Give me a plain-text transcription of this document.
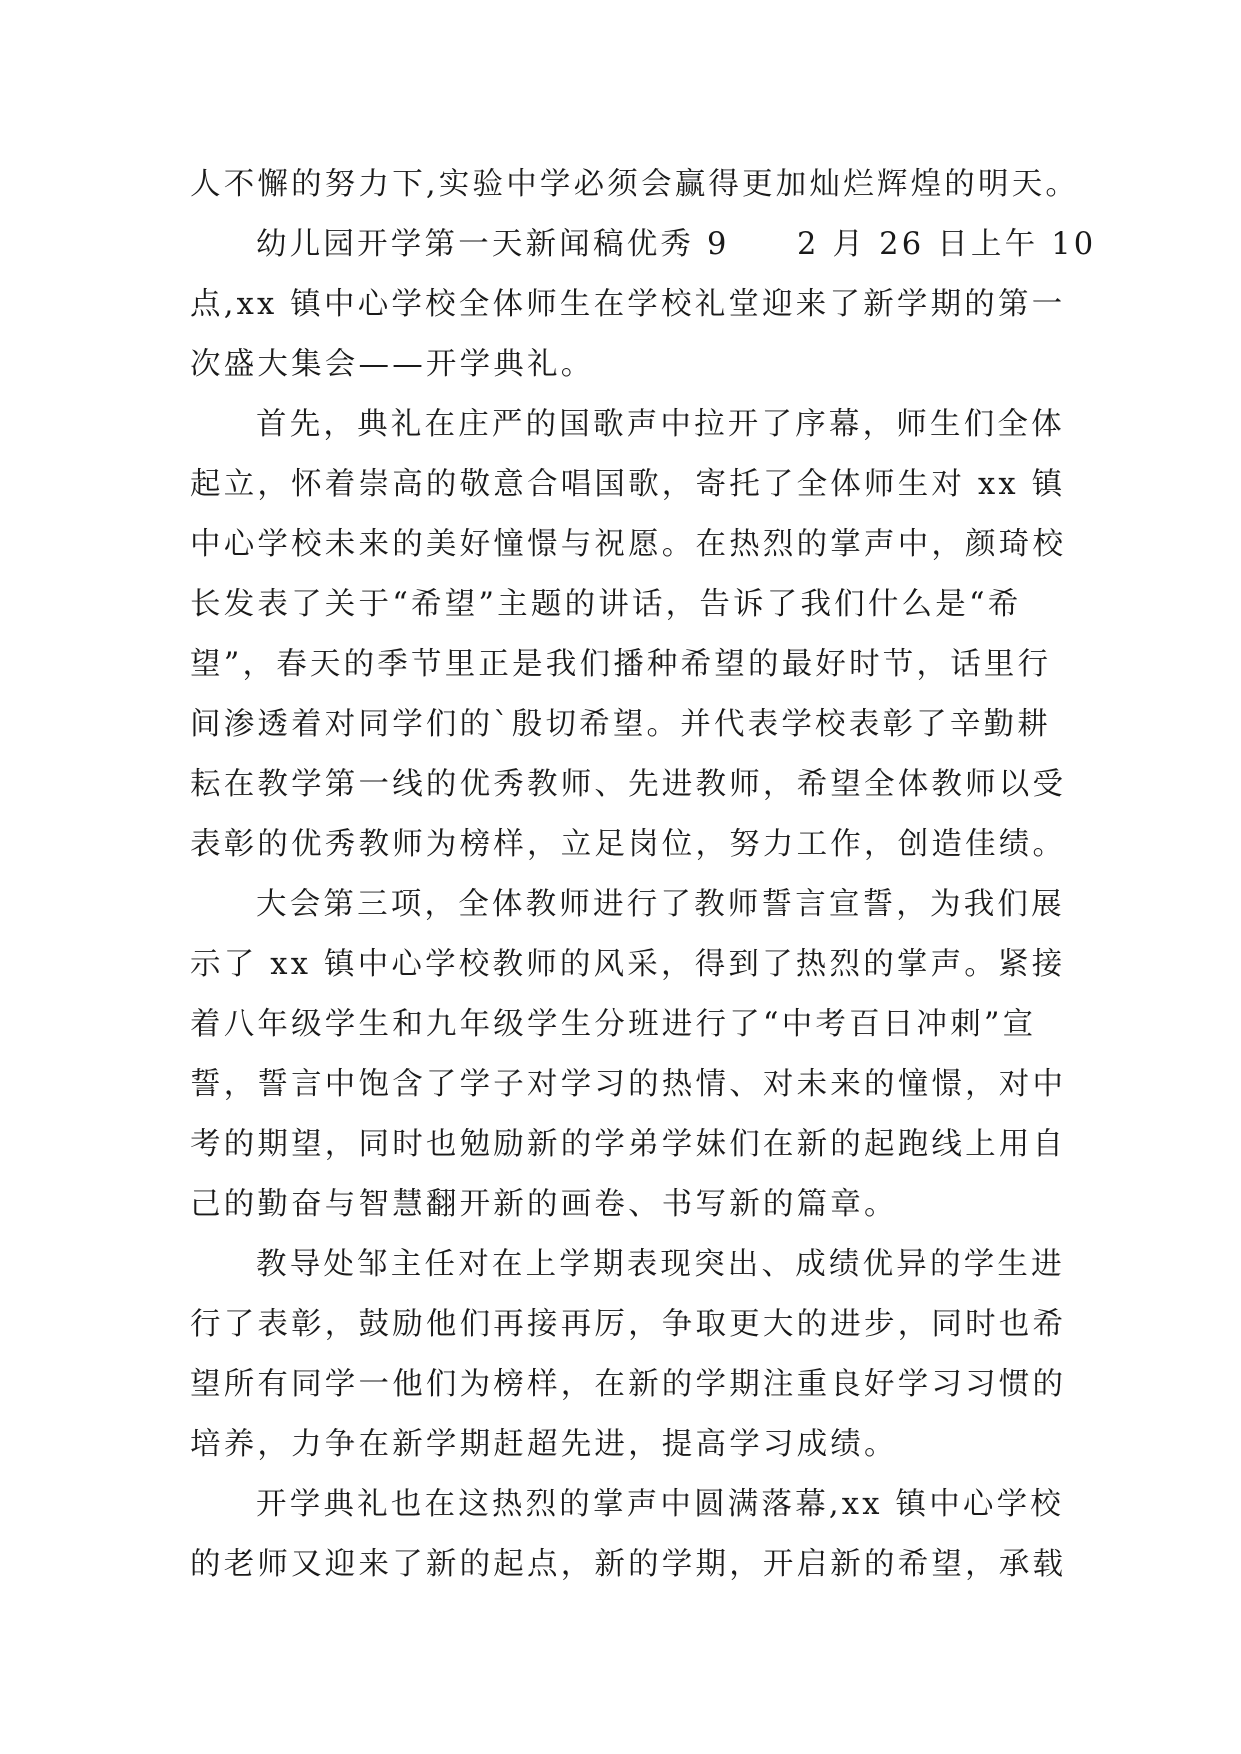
人不懈的努力下,实验中学必须会赢得更加灿烂辉煌的明天。
幼儿园开学第一天新闻稿优秀 9　　2 月 26 日上午 10
点,xx 镇中心学校全体师生在学校礼堂迎来了新学期的第一
次盛大集会——开学典礼。
首先，典礼在庄严的国歌声中拉开了序幕，师生们全体
起立，怀着崇高的敬意合唱国歌，寄托了全体师生对 xx 镇
中心学校未来的美好憧憬与祝愿。在热烈的掌声中，颜琦校
长发表了关于“希望”主题的讲话，告诉了我们什么是“希
望”，春天的季节里正是我们播种希望的最好时节，话里行
间渗透着对同学们的`殷切希望。并代表学校表彰了辛勤耕
耘在教学第一线的优秀教师、先进教师，希望全体教师以受
表彰的优秀教师为榜样，立足岗位，努力工作，创造佳绩。
大会第三项，全体教师进行了教师誓言宣誓，为我们展
示了 xx 镇中心学校教师的风采，得到了热烈的掌声。紧接
着八年级学生和九年级学生分班进行了“中考百日冲刺”宣
誓，誓言中饱含了学子对学习的热情、对未来的憧憬，对中
考的期望，同时也勉励新的学弟学妹们在新的起跑线上用自
己的勤奋与智慧翻开新的画卷、书写新的篇章。
教导处邹主任对在上学期表现突出、成绩优异的学生进
行了表彰，鼓励他们再接再厉，争取更大的进步，同时也希
望所有同学一他们为榜样，在新的学期注重良好学习习惯的
培养，力争在新学期赶超先进，提高学习成绩。
开学典礼也在这热烈的掌声中圆满落幕,xx 镇中心学校
的老师又迎来了新的起点，新的学期，开启新的希望，承载
